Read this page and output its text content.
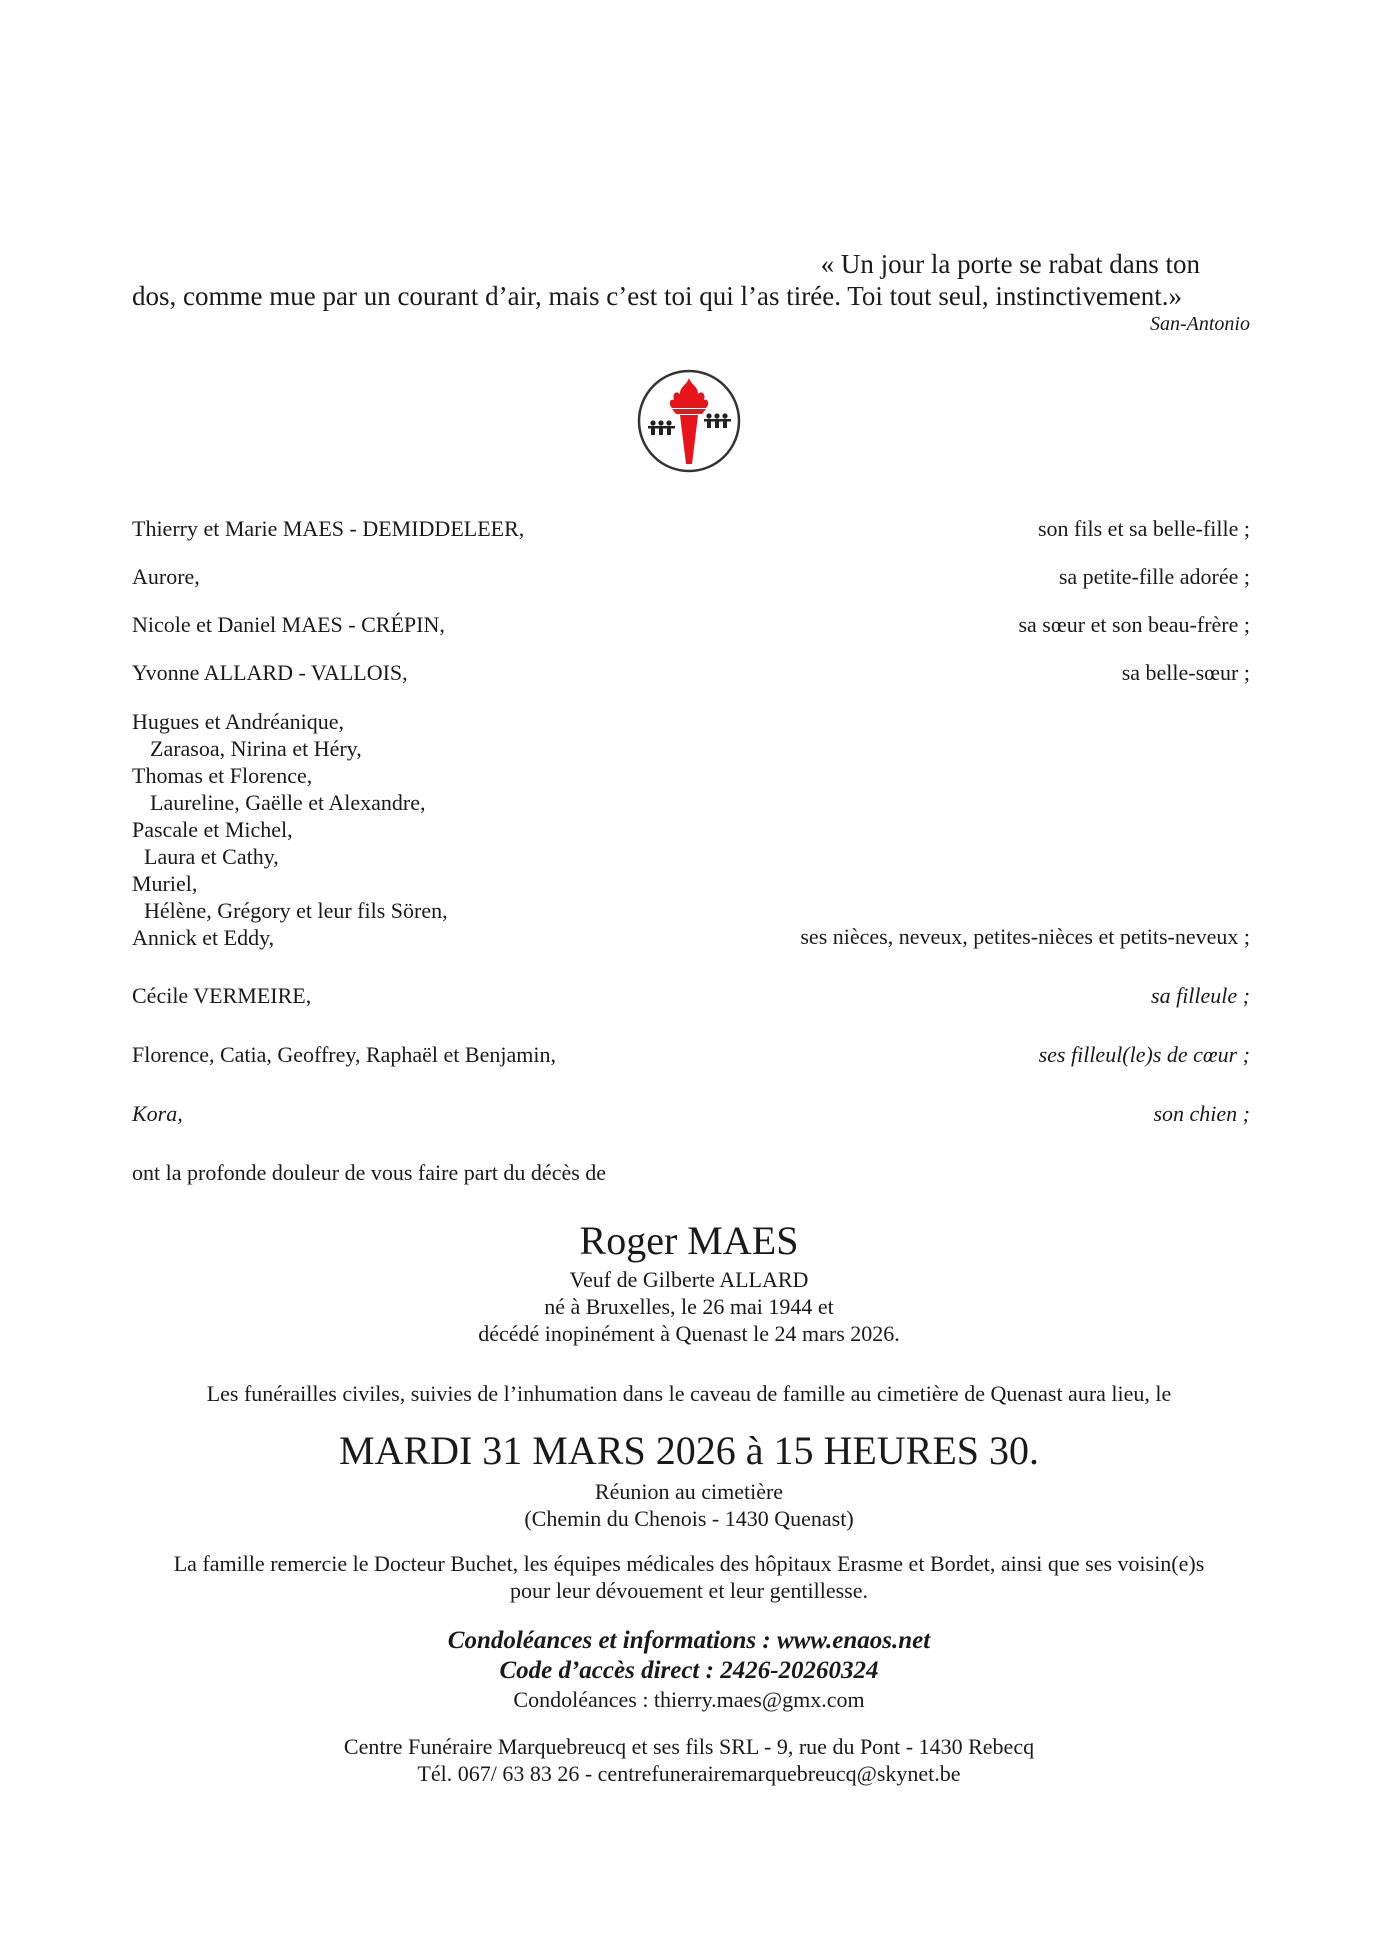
« Un jour la porte se rabat dans ton
dos, comme mue par un courant d’air, mais c’est toi qui l’as tirée. Toi tout seul, instinctivement.»
San-Antonio
Thierry et Marie MAES - DEMIDDELEER,	son fils et sa belle-fille ;
Aurore,	sa petite-fille adorée ;
Nicole et Daniel MAES - CRÉPIN,	sa sœur et son beau-frère ;
Yvonne ALLARD - VALLOIS,	sa belle-sœur ;
Hugues et Andréanique,
Zarasoa, Nirina et Héry,
Thomas et Florence,
Laureline, Gaëlle et Alexandre,
Pascale et Michel,
Laura et Cathy,
Muriel,
Hélène, Grégory et leur fils Sören,
Annick et Eddy,	ses nièces, neveux, petites-nièces et petits-neveux ;
Cécile VERMEIRE,	sa filleule ;
Florence, Catia, Geoffrey, Raphaël et Benjamin,	ses filleul(le)s de cœur ;
Kora,	son chien ;
ont la profonde douleur de vous faire part du décès de
Roger MAES
Veuf de Gilberte ALLARD
né à Bruxelles, le 26 mai 1944 et
décédé inopinément à Quenast le 24 mars 2026.
Les funérailles civiles, suivies de l’inhumation dans le caveau de famille au cimetière de Quenast aura lieu, le
MARDI 31 MARS 2026 à 15 HEURES 30.
Réunion au cimetière
(Chemin du Chenois - 1430 Quenast)
La famille remercie le Docteur Buchet, les équipes médicales des hôpitaux Erasme et Bordet, ainsi que ses voisin(e)s
pour leur dévouement et leur gentillesse.
Condoléances et informations : www.enaos.net
Code d’accès direct : 2426-20260324
Condoléances : thierry.maes@gmx.com
Centre Funéraire Marquebreucq et ses fils SRL - 9, rue du Pont - 1430 Rebecq
Tél. 067/ 63 83 26 - centrefunerairemarquebreucq@skynet.be
